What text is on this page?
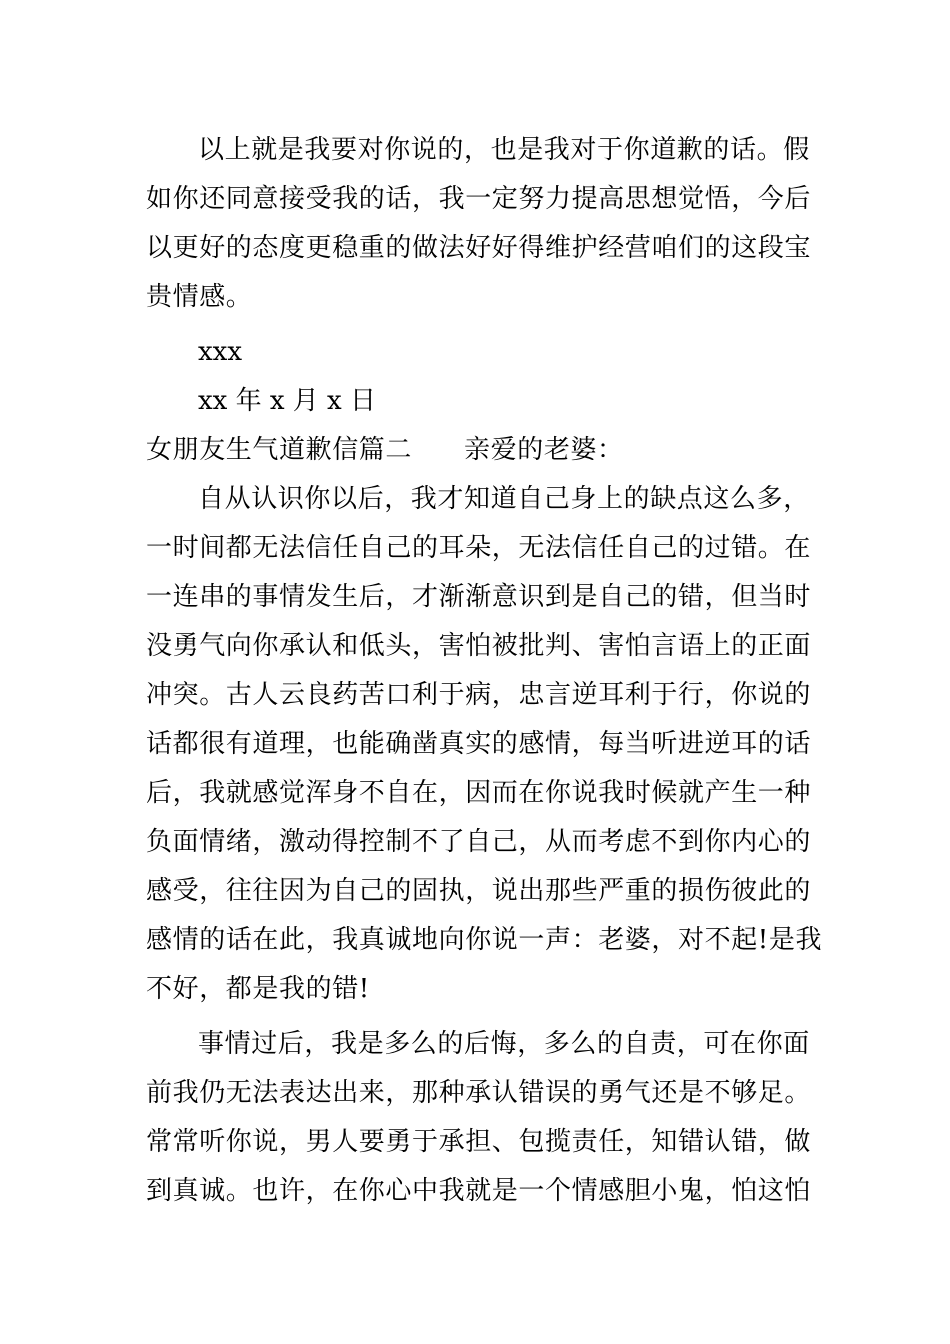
以上就是我要对你说的，也是我对于你道歉的话。假
如你还同意接受我的话，我一定努力提高思想觉悟，今后
以更好的态度更稳重的做法好好得维护经营咱们的这段宝
贵情感。

xxx

xx 年 x 月 x 日

女朋友生气道歉信篇二 亲爱的老婆：

自从认识你以后，我才知道自己身上的缺点这么多，
一时间都无法信任自己的耳朵，无法信任自己的过错。在
一连串的事情发生后，才渐渐意识到是自己的错，但当时
没勇气向你承认和低头，害怕被批判、害怕言语上的正面
冲突。古人云良药苦口利于病，忠言逆耳利于行，你说的
话都很有道理，也能确凿真实的感情，每当听进逆耳的话
后，我就感觉浑身不自在，因而在你说我时候就产生一种
负面情绪，激动得控制不了自己，从而考虑不到你内心的
感受，往往因为自己的固执，说出那些严重的损伤彼此的
感情的话在此，我真诚地向你说一声：老婆，对不起!是我
不好，都是我的错!

事情过后，我是多么的后悔，多么的自责，可在你面
前我仍无法表达出来，那种承认错误的勇气还是不够足。
常常听你说，男人要勇于承担、包揽责任，知错认错，做
到真诚。也许，在你心中我就是一个情感胆小鬼，怕这怕
